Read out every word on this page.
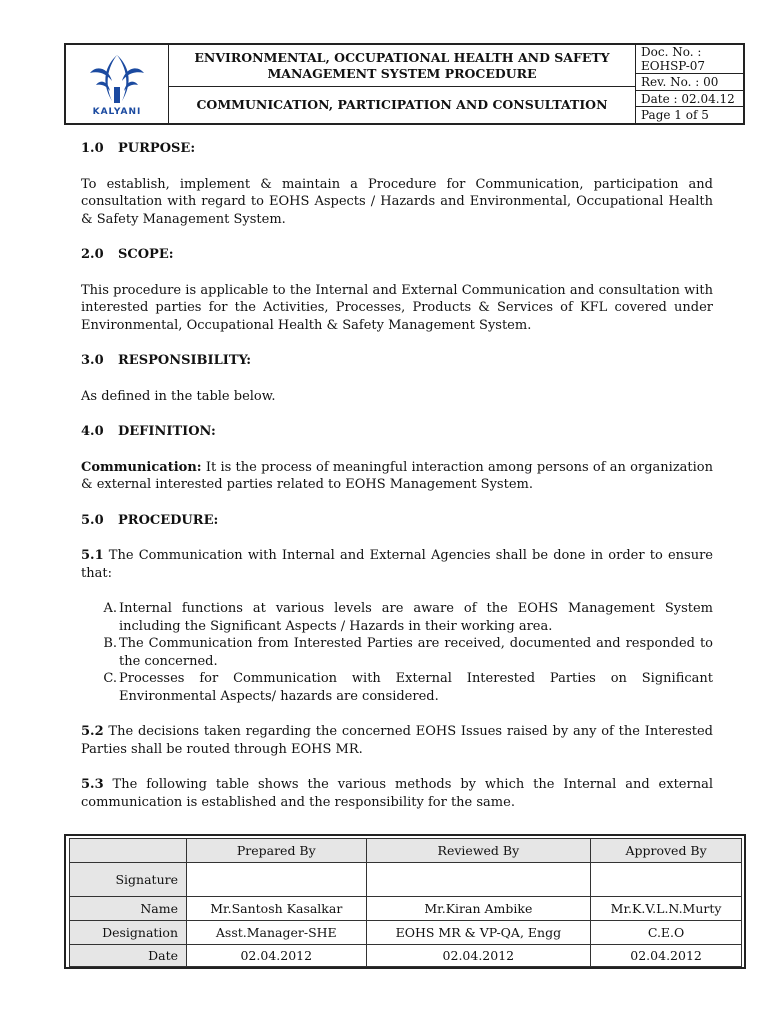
KALYANI
ENVIRONMENTAL, OCCUPATIONAL HEALTH AND SAFETY MANAGEMENT SYSTEM PROCEDURE
COMMUNICATION, PARTICIPATION AND CONSULTATION
Doc. No. : EOHSP-07
Rev. No. : 00
Date : 02.04.12
Page 1 of 5
1.0 PURPOSE:

To establish, implement & maintain a Procedure for Communication, participation and consultation with regard to EOHS Aspects / Hazards and Environmental, Occupational Health & Safety Management System.

2.0 SCOPE:

This procedure is applicable to the Internal and External Communication and consultation with interested parties for the Activities, Processes, Products & Services of KFL covered under Environmental, Occupational Health & Safety Management System.

3.0 RESPONSIBILITY:

As defined in the table below.

4.0 DEFINITION:

Communication: It is the process of meaningful interaction among persons of an organization & external interested parties related to EOHS Management System.

5.0 PROCEDURE:

5.1 The Communication with Internal and External Agencies shall be done in order to ensure that:

A. Internal functions at various levels are aware of the EOHS Management System including the Significant Aspects / Hazards in their working area.
B. The Communication from Interested Parties are received, documented and responded to the concerned.
C. Processes for Communication with External Interested Parties on Significant Environmental Aspects/ hazards are considered.

5.2 The decisions taken regarding the concerned EOHS Issues raised by any of the Interested Parties shall be routed through EOHS MR.

5.3 The following table shows the various methods by which the Internal and external communication is established and the responsibility for the same.

	Prepared By	Reviewed By	Approved By
Signature			
Name	Mr.Santosh Kasalkar	Mr.Kiran Ambike	Mr.K.V.L.N.Murty
Designation	Asst.Manager-SHE	EOHS MR & VP-QA, Engg	C.E.O
Date	02.04.2012	02.04.2012	02.04.2012
